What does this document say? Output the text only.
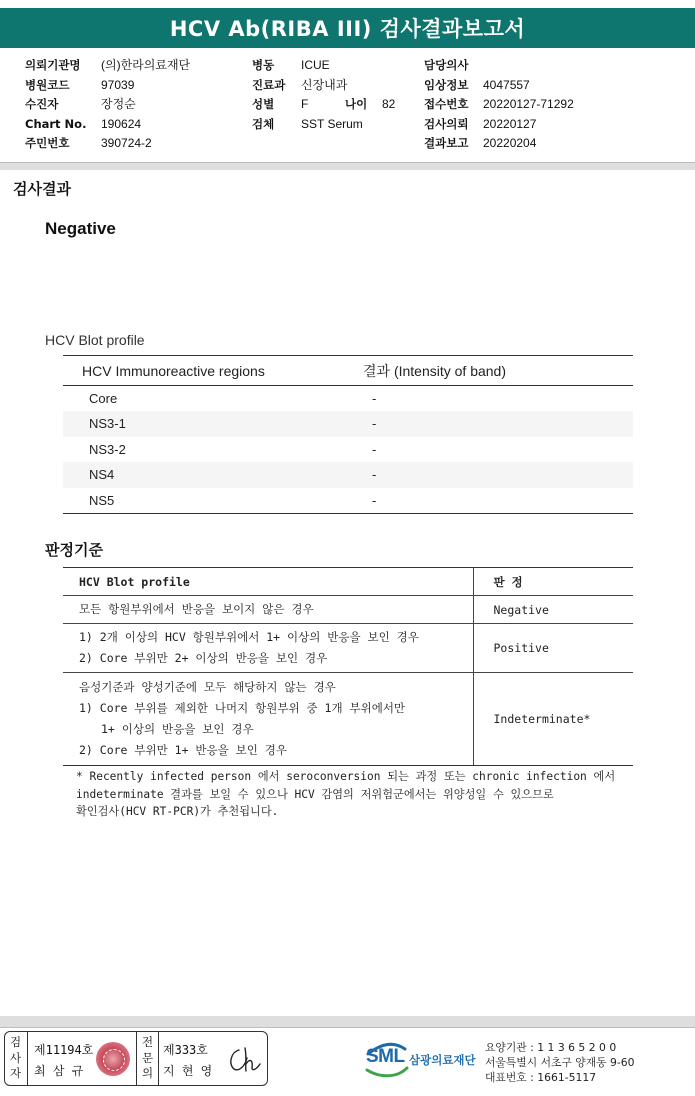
HCV Ab(RIBA III) 검사결과보고서
의뢰기관명	(의)한라의료재단
병원코드	97039
수진자	장정순
Chart No.	190624
주민번호	390724-2
병동	ICUE
진료과	신장내과
성별	F	나이	82
검체	SST Serum
담당의사
임상정보	4047557
접수번호	20220127-71292
검사의뢰	20220127
결과보고	20220204
검사결과
Negative
HCV Blot profile
HCV Immunoreactive regions	결과 (Intensity of band)
Core	-
NS3-1	-
NS3-2	-
NS4	-
NS5	-
판정기준
HCV Blot profile	판 정

모든 항원부위에서 반응을 보이지 않은 경우	Negative

1) 2개 이상의 HCV 항원부위에서 1+ 이상의 반응을 보인 경우
2) Core 부위만 2+ 이상의 반응을 보인 경우	Positive

음성기준과 양성기준에 모두 해당하지 않는 경우
1) Core 부위를 제외한 나머지 항원부위 중 1개 부위에서만
1+ 이상의 반응을 보인 경우
2) Core 부위만 1+ 반응을 보인 경우	Indeterminate*
* Recently infected person 에서 seroconversion 되는 과정 또는 chronic infection 에서
indeterminate 결과를 보일 수 있으나 HCV 감염의 저위험군에서는 위양성일 수 있으므로
확인검사(HCV RT-PCR)가 추천됩니다.
검
사
자
제11194호
최 삼 규
전
문
의
제333호
지 현 영
SML 삼광의료재단
요양기관 : 1 1 3 6 5 2 0 0
서울특별시 서초구 양재동 9-60
대표번호 : 1661-5117
